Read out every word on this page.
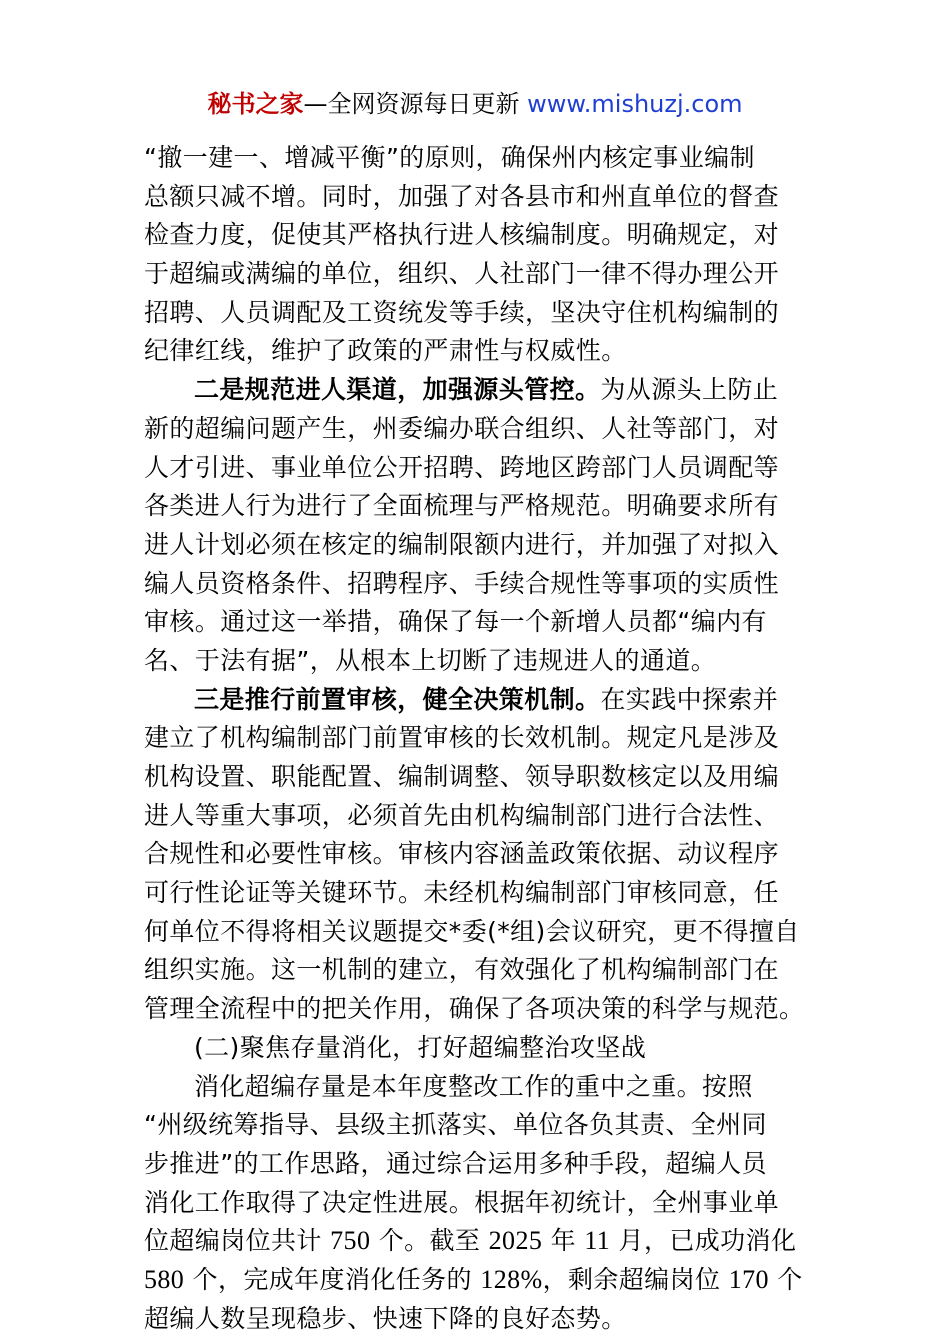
秘书之家—全网资源每日更新 www.mishuzj.com
“撤一建一、增减平衡”的原则，确保州内核定事业编制
总额只减不增。同时，加强了对各县市和州直单位的督查
检查力度，促使其严格执行进人核编制度。明确规定，对
于超编或满编的单位，组织、人社部门一律不得办理公开
招聘、人员调配及工资统发等手续，坚决守住机构编制的
纪律红线，维护了政策的严肃性与权威性。
二是规范进人渠道，加强源头管控。为从源头上防止
新的超编问题产生，州委编办联合组织、人社等部门，对
人才引进、事业单位公开招聘、跨地区跨部门人员调配等
各类进人行为进行了全面梳理与严格规范。明确要求所有
进人计划必须在核定的编制限额内进行，并加强了对拟入
编人员资格条件、招聘程序、手续合规性等事项的实质性
审核。通过这一举措，确保了每一个新增人员都“编内有
名、于法有据”，从根本上切断了违规进人的通道。
三是推行前置审核，健全决策机制。在实践中探索并
建立了机构编制部门前置审核的长效机制。规定凡是涉及
机构设置、职能配置、编制调整、领导职数核定以及用编
进人等重大事项，必须首先由机构编制部门进行合法性、
合规性和必要性审核。审核内容涵盖政策依据、动议程序
可行性论证等关键环节。未经机构编制部门审核同意，任
何单位不得将相关议题提交*委(*组)会议研究，更不得擅自
组织实施。这一机制的建立，有效强化了机构编制部门在
管理全流程中的把关作用，确保了各项决策的科学与规范。
(二)聚焦存量消化，打好超编整治攻坚战
消化超编存量是本年度整改工作的重中之重。按照
“州级统筹指导、县级主抓落实、单位各负其责、全州同
步推进”的工作思路，通过综合运用多种手段，超编人员
消化工作取得了决定性进展。根据年初统计，全州事业单
位超编岗位共计 750 个。截至 2025 年 11 月，已成功消化
580 个，完成年度消化任务的 128%，剩余超编岗位 170 个
超编人数呈现稳步、快速下降的良好态势。
